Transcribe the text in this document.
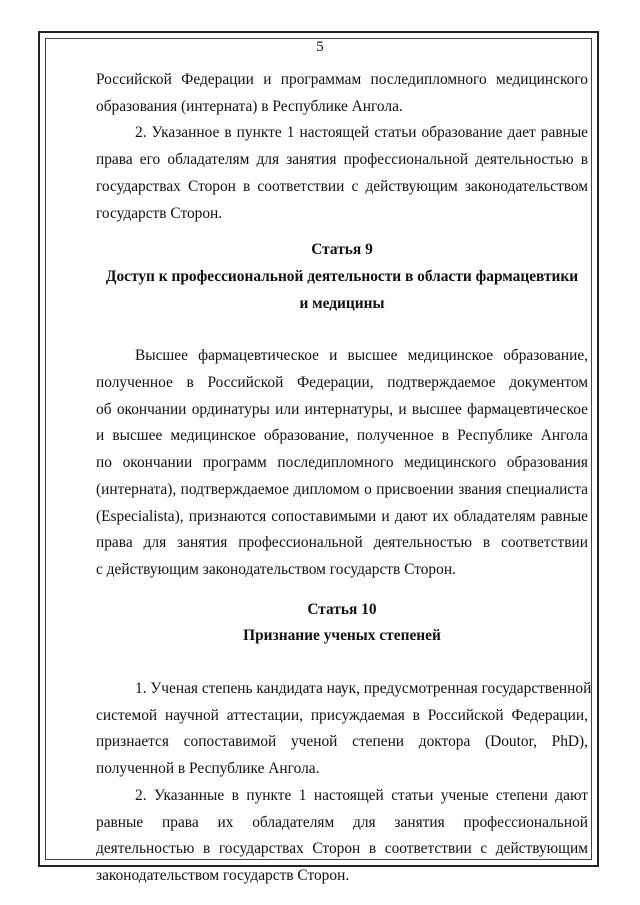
5

Российской Федерации и программам последипломного медицинского
образования (интерната) в Республике Ангола.

2. Указанное в пункте 1 настоящей статьи образование дает равные
права его обладателям для занятия профессиональной деятельностью в
государствах Сторон в соответствии с действующим законодательством
государств Сторон.

Статья 9
Доступ к профессиональной деятельности в области фармацевтики
и медицины

Высшее фармацевтическое и высшее медицинское образование,
полученное в Российской Федерации, подтверждаемое документом
об окончании ординатуры или интернатуры, и высшее фармацевтическое
и высшее медицинское образование, полученное в Республике Ангола
по окончании программ последипломного медицинского образования
(интерната), подтверждаемое дипломом о присвоении звания специалиста
(Especialista), признаются сопоставимыми и дают их обладателям равные
права для занятия профессиональной деятельностью в соответствии
с действующим законодательством государств Сторон.

Статья 10
Признание ученых степеней

1. Ученая степень кандидата наук, предусмотренная государственной
системой научной аттестации, присуждаемая в Российской Федерации,
признается сопоставимой ученой степени доктора (Doutor, PhD),
полученной в Республике Ангола.

2. Указанные в пункте 1 настоящей статьи ученые степени дают
равные права их обладателям для занятия профессиональной
деятельностью в государствах Сторон в соответствии с действующим
законодательством государств Сторон.
